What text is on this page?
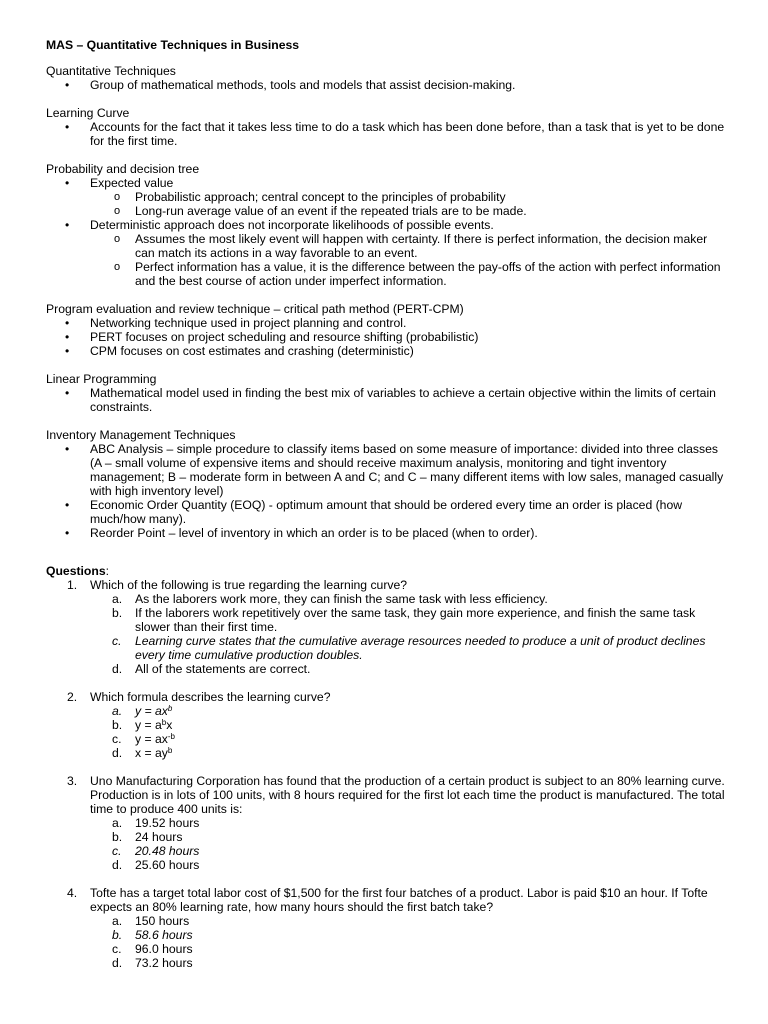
MAS – Quantitative Techniques in Business
Quantitative Techniques
• Group of mathematical methods, tools and models that assist decision-making.
Learning Curve
• Accounts for the fact that it takes less time to do a task which has been done before, than a task that is yet to be done for the first time.
Probability and decision tree
• Expected value
o Probabilistic approach; central concept to the principles of probability
o Long-run average value of an event if the repeated trials are to be made.
• Deterministic approach does not incorporate likelihoods of possible events.
o Assumes the most likely event will happen with certainty. If there is perfect information, the decision maker can match its actions in a way favorable to an event.
o Perfect information has a value, it is the difference between the pay-offs of the action with perfect information and the best course of action under imperfect information.
Program evaluation and review technique – critical path method (PERT-CPM)
• Networking technique used in project planning and control.
• PERT focuses on project scheduling and resource shifting (probabilistic)
• CPM focuses on cost estimates and crashing (deterministic)
Linear Programming
• Mathematical model used in finding the best mix of variables to achieve a certain objective within the limits of certain constraints.
Inventory Management Techniques
• ABC Analysis – simple procedure to classify items based on some measure of importance: divided into three classes (A – small volume of expensive items and should receive maximum analysis, monitoring and tight inventory management; B – moderate form in between A and C; and C – many different items with low sales, managed casually with high inventory level)
• Economic Order Quantity (EOQ) - optimum amount that should be ordered every time an order is placed (how much/how many).
• Reorder Point – level of inventory in which an order is to be placed (when to order).
Questions:
1. Which of the following is true regarding the learning curve?
a. As the laborers work more, they can finish the same task with less efficiency.
b. If the laborers work repetitively over the same task, they gain more experience, and finish the same task slower than their first time.
c. Learning curve states that the cumulative average resources needed to produce a unit of product declines every time cumulative production doubles.
d. All of the statements are correct.
2. Which formula describes the learning curve?
a. $y = ax^b$
b. $y = a^bx$
c. $y = ax^{-b}$
d. $x = ay^b$
3. Uno Manufacturing Corporation has found that the production of a certain product is subject to an 80% learning curve. Production is in lots of 100 units, with 8 hours required for the first lot each time the product is manufactured. The total time to produce 400 units is:
a. 19.52 hours
b. 24 hours
c. 20.48 hours
d. 25.60 hours
4. Tofte has a target total labor cost of $1,500 for the first four batches of a product. Labor is paid $10 an hour. If Tofte expects an 80% learning rate, how many hours should the first batch take?
a. 150 hours
b. 58.6 hours
c. 96.0 hours
d. 73.2 hours
